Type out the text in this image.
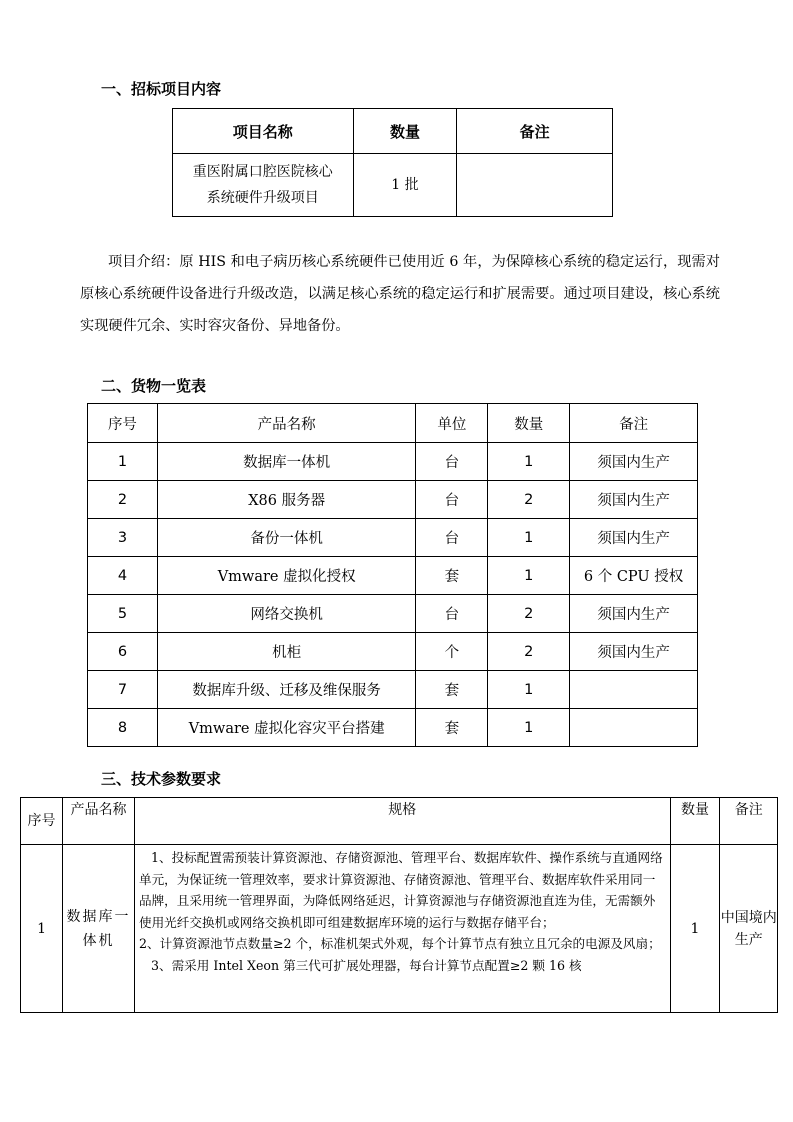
一、招标项目内容
项目名称	数量	备注

重医附属口腔医院核心
系统硬件升级项目	1 批	
项目介绍：原 HIS 和电子病历核心系统硬件已使用近 6 年，为保障核心系统的稳定运行，现需对原核心系统硬件设备进行升级改造，以满足核心系统的稳定运行和扩展需要。通过项目建设，核心系统实现硬件冗余、实时容灾备份、异地备份。
二、货物一览表
序号	产品名称	单位	数量	备注
1	数据库一体机	台	1	须国内生产
2	X86 服务器	台	2	须国内生产
3	备份一体机	台	1	须国内生产
4	Vmware 虚拟化授权	套	1	6 个 CPU 授权
5	网络交换机	台	2	须国内生产
6	机柜	个	2	须国内生产
7	数据库升级、迁移及维保服务	套	1	
8	Vmware 虚拟化容灾平台搭建	套	1	
三、技术参数要求
序号	产品名称	规格	数量	备注
1	数据库一体机	1、投标配置需预装计算资源池、存储资源池、管理平台、数据库软件、操作系统与直通网络单元，为保证统一管理效率，要求计算资源池、存储资源池、管理平台、数据库软件采用同一品牌，且采用统一管理界面，为降低网络延迟，计算资源池与存储资源池直连为佳，无需额外使用光纤交换机或网络交换机即可组建数据库环境的运行与数据存储平台；

2、计算资源池节点数量≥2 个，标准机架式外观，每个计算节点有独立且冗余的电源及风扇；

3、需采用 Intel Xeon 第三代可扩展处理器，每台计算节点配置≥2 颗 16 核	1	中国境内生产
